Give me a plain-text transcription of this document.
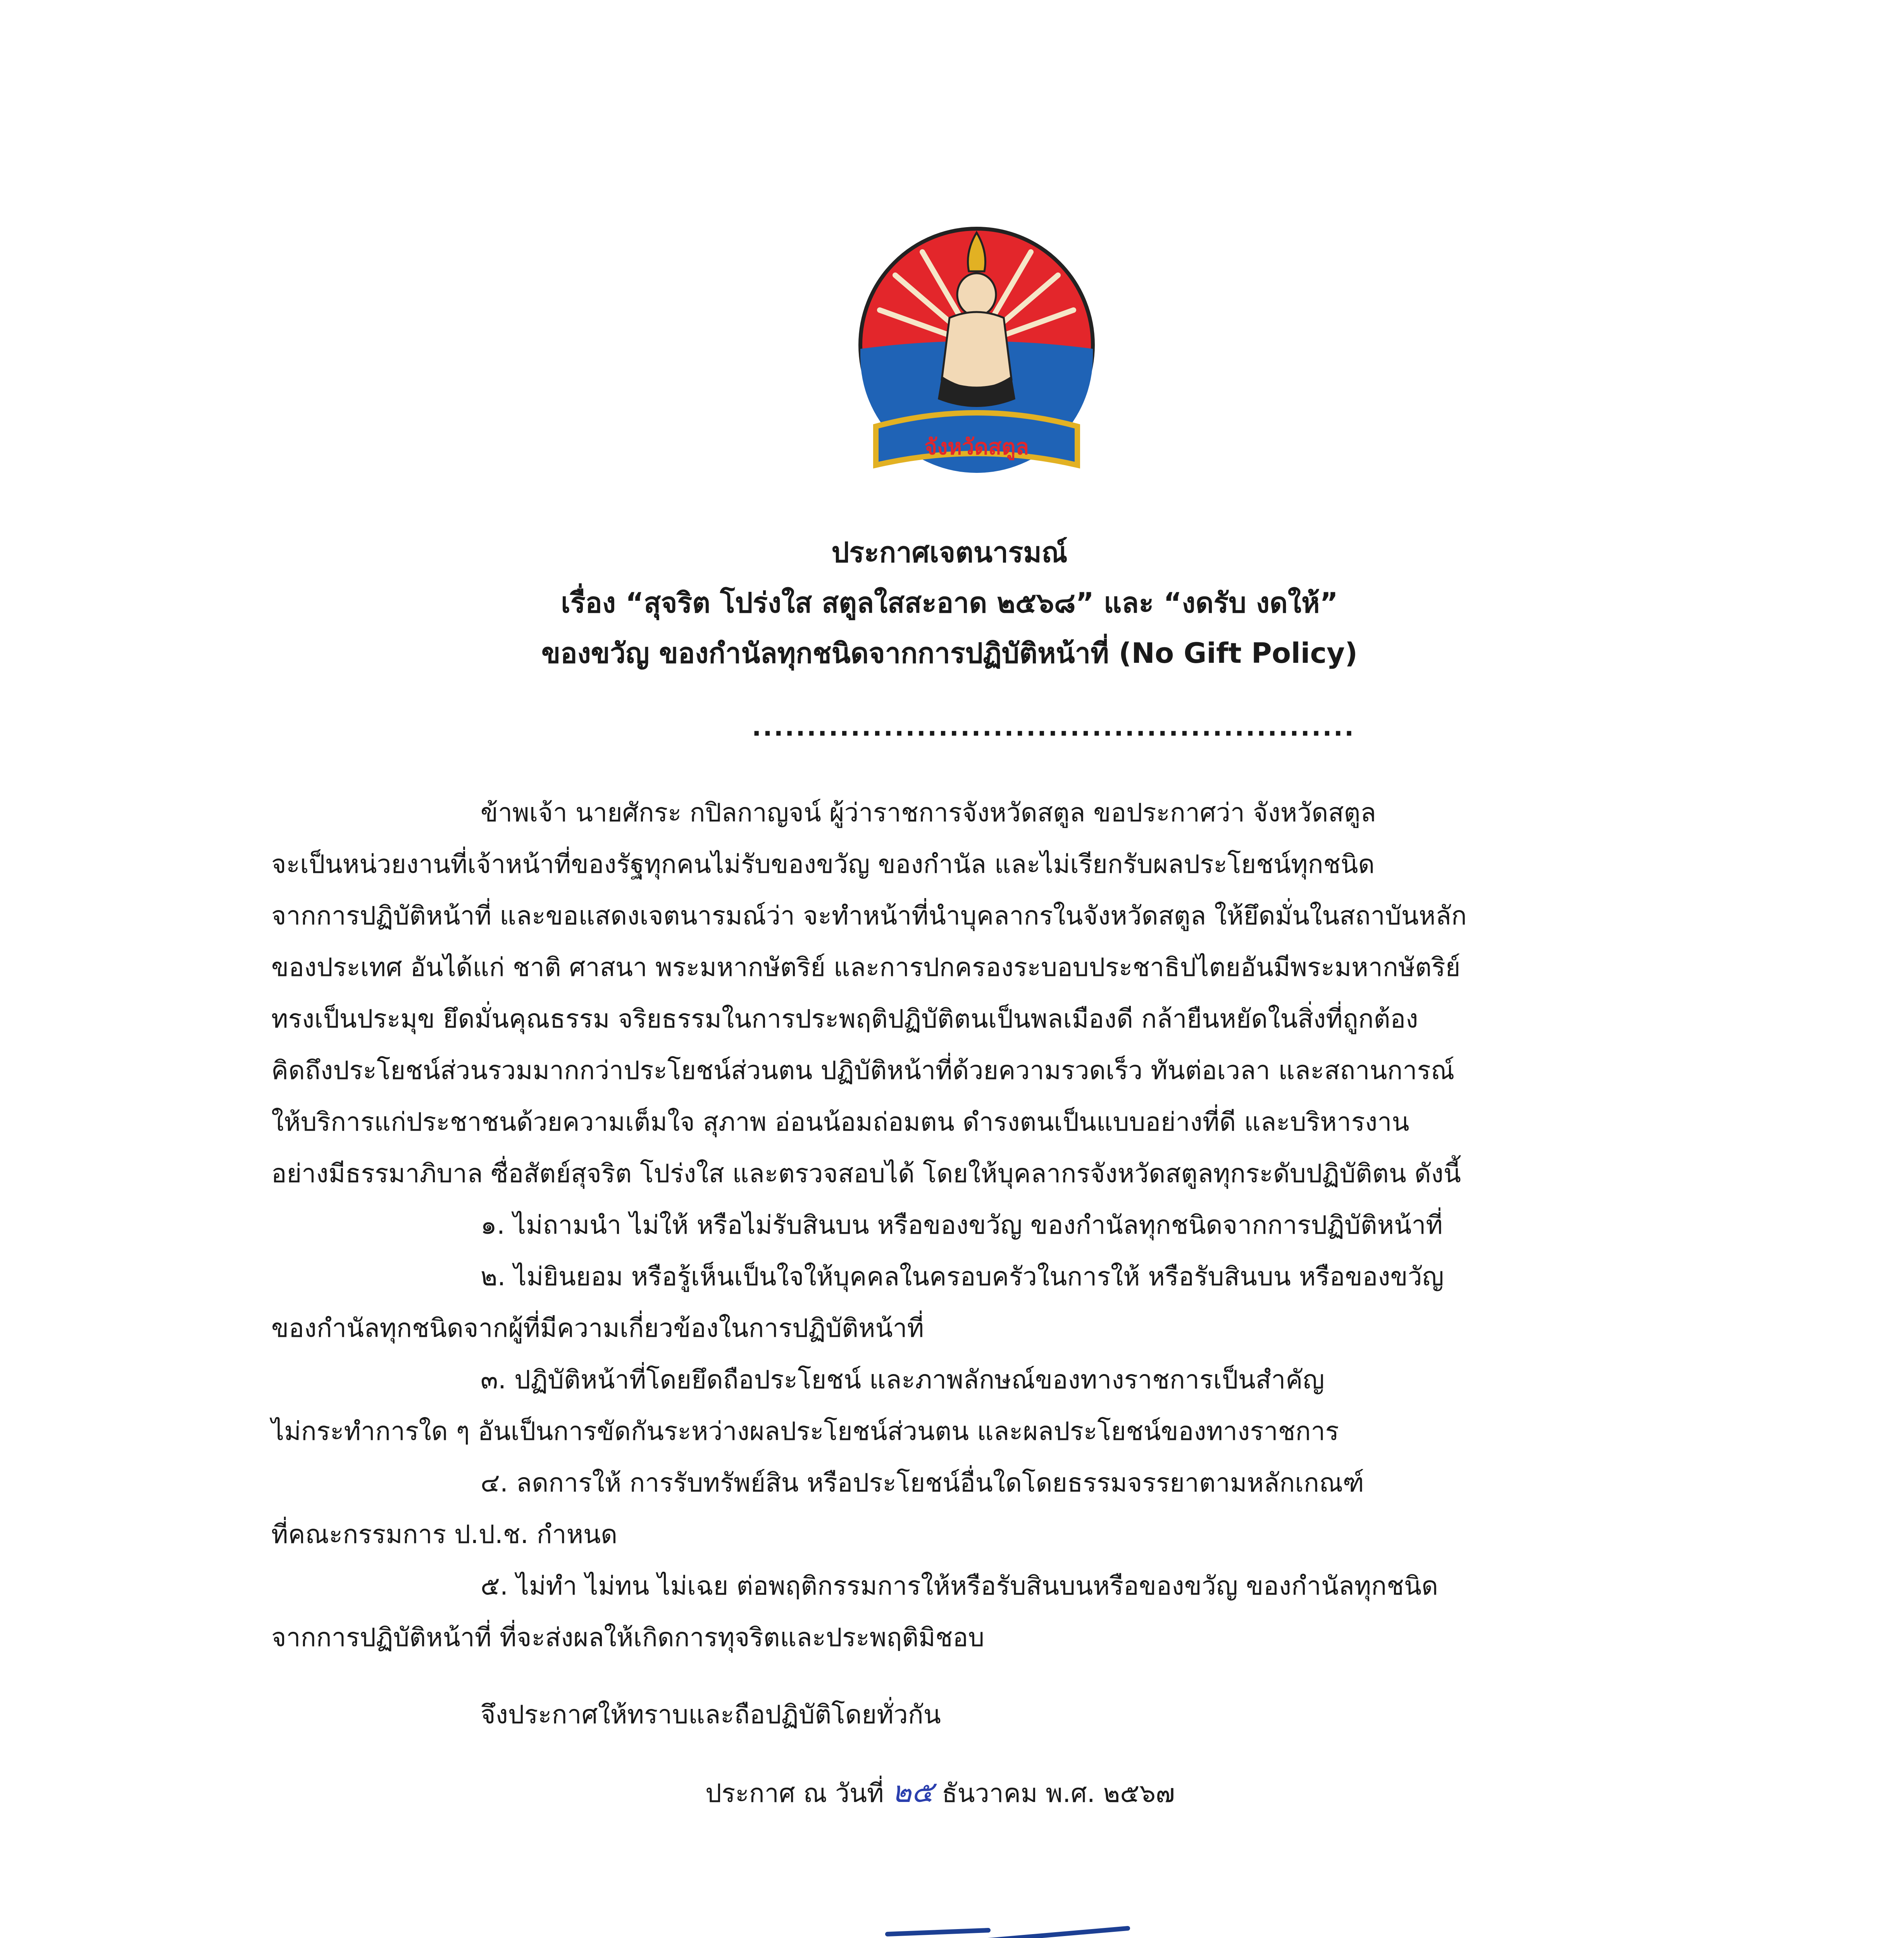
จังหวัดสตูล
ประกาศเจตนารมณ์
เรื่อง “สุจริต โปร่งใส สตูลใสสะอาด ๒๕๖๘” และ “งดรับ งดให้”
ของขวัญ ของกำนัลทุกชนิดจากการปฏิบัติหน้าที่ (No Gift Policy)
.......................................................
ข้าพเจ้า นายศักระ กปิลกาญจน์ ผู้ว่าราชการจังหวัดสตูล ขอประกาศว่า จังหวัดสตูล
จะเป็นหน่วยงานที่เจ้าหน้าที่ของรัฐทุกคนไม่รับของขวัญ ของกำนัล และไม่เรียกรับผลประโยชน์ทุกชนิด
จากการปฏิบัติหน้าที่ และขอแสดงเจตนารมณ์ว่า จะทำหน้าที่นำบุคลากรในจังหวัดสตูล ให้ยึดมั่นในสถาบันหลัก
ของประเทศ อันได้แก่ ชาติ ศาสนา พระมหากษัตริย์ และการปกครองระบอบประชาธิปไตยอันมีพระมหากษัตริย์
ทรงเป็นประมุข ยึดมั่นคุณธรรม จริยธรรมในการประพฤติปฏิบัติตนเป็นพลเมืองดี กล้ายืนหยัดในสิ่งที่ถูกต้อง
คิดถึงประโยชน์ส่วนรวมมากกว่าประโยชน์ส่วนตน ปฏิบัติหน้าที่ด้วยความรวดเร็ว ทันต่อเวลา และสถานการณ์
ให้บริการแก่ประชาชนด้วยความเต็มใจ สุภาพ อ่อนน้อมถ่อมตน ดำรงตนเป็นแบบอย่างที่ดี และบริหารงาน
อย่างมีธรรมาภิบาล ซื่อสัตย์สุจริต โปร่งใส และตรวจสอบได้ โดยให้บุคลากรจังหวัดสตูลทุกระดับปฏิบัติตน ดังนี้
๑. ไม่ถามนำ ไม่ให้ หรือไม่รับสินบน หรือของขวัญ ของกำนัลทุกชนิดจากการปฏิบัติหน้าที่
๒. ไม่ยินยอม หรือรู้เห็นเป็นใจให้บุคคลในครอบครัวในการให้ หรือรับสินบน หรือของขวัญ
ของกำนัลทุกชนิดจากผู้ที่มีความเกี่ยวข้องในการปฏิบัติหน้าที่
๓. ปฏิบัติหน้าที่โดยยึดถือประโยชน์ และภาพลักษณ์ของทางราชการเป็นสำคัญ
ไม่กระทำการใด ๆ อันเป็นการขัดกันระหว่างผลประโยชน์ส่วนตน และผลประโยชน์ของทางราชการ
๔. ลดการให้ การรับทรัพย์สิน หรือประโยชน์อื่นใดโดยธรรมจรรยาตามหลักเกณฑ์
ที่คณะกรรมการ ป.ป.ช. กำหนด
๕. ไม่ทำ ไม่ทน ไม่เฉย ต่อพฤติกรรมการให้หรือรับสินบนหรือของขวัญ ของกำนัลทุกชนิด
จากการปฏิบัติหน้าที่ ที่จะส่งผลให้เกิดการทุจริตและประพฤติมิชอบ
จึงประกาศให้ทราบและถือปฏิบัติโดยทั่วกัน
ประกาศ ณ วันที่ ๒๕ ธันวาคม พ.ศ. ๒๕๖๗
